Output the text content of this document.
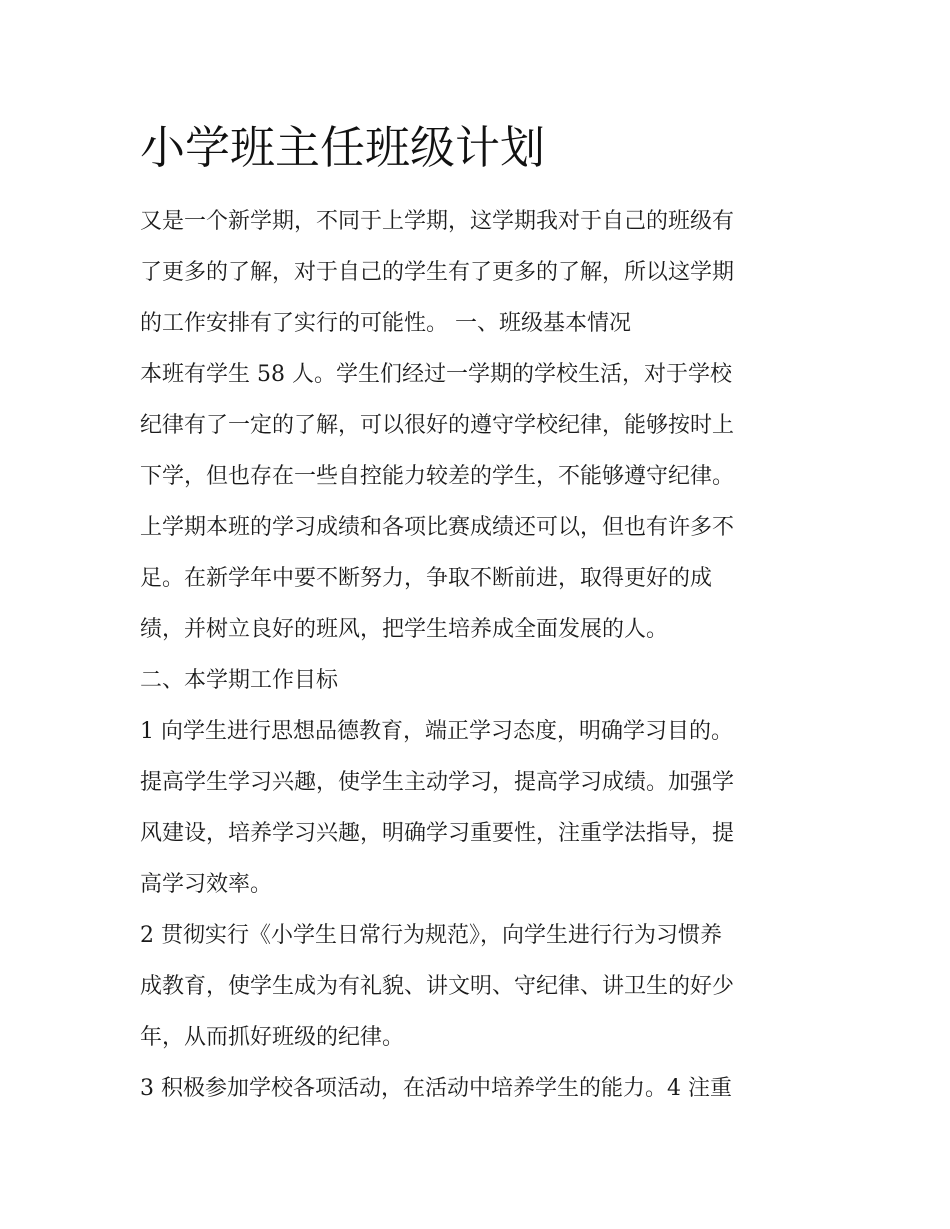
小学班主任班级计划

又是一个新学期，不同于上学期，这学期我对于自己的班级有

了更多的了解，对于自己的学生有了更多的了解，所以这学期

的工作安排有了实行的可能性。 一、班级基本情况

本班有学生 58 人。学生们经过一学期的学校生活，对于学校

纪律有了一定的了解，可以很好的遵守学校纪律，能够按时上

下学，但也存在一些自控能力较差的学生，不能够遵守纪律。

上学期本班的学习成绩和各项比赛成绩还可以，但也有许多不

足。在新学年中要不断努力，争取不断前进，取得更好的成

绩，并树立良好的班风，把学生培养成全面发展的人。

二、本学期工作目标

1 向学生进行思想品德教育，端正学习态度，明确学习目的。

提高学生学习兴趣，使学生主动学习，提高学习成绩。加强学

风建设，培养学习兴趣，明确学习重要性，注重学法指导，提

高学习效率。

2 贯彻实行《小学生日常行为规范》，向学生进行行为习惯养

成教育，使学生成为有礼貌、讲文明、守纪律、讲卫生的好少

年，从而抓好班级的纪律。

3 积极参加学校各项活动，在活动中培养学生的能力。4 注重
